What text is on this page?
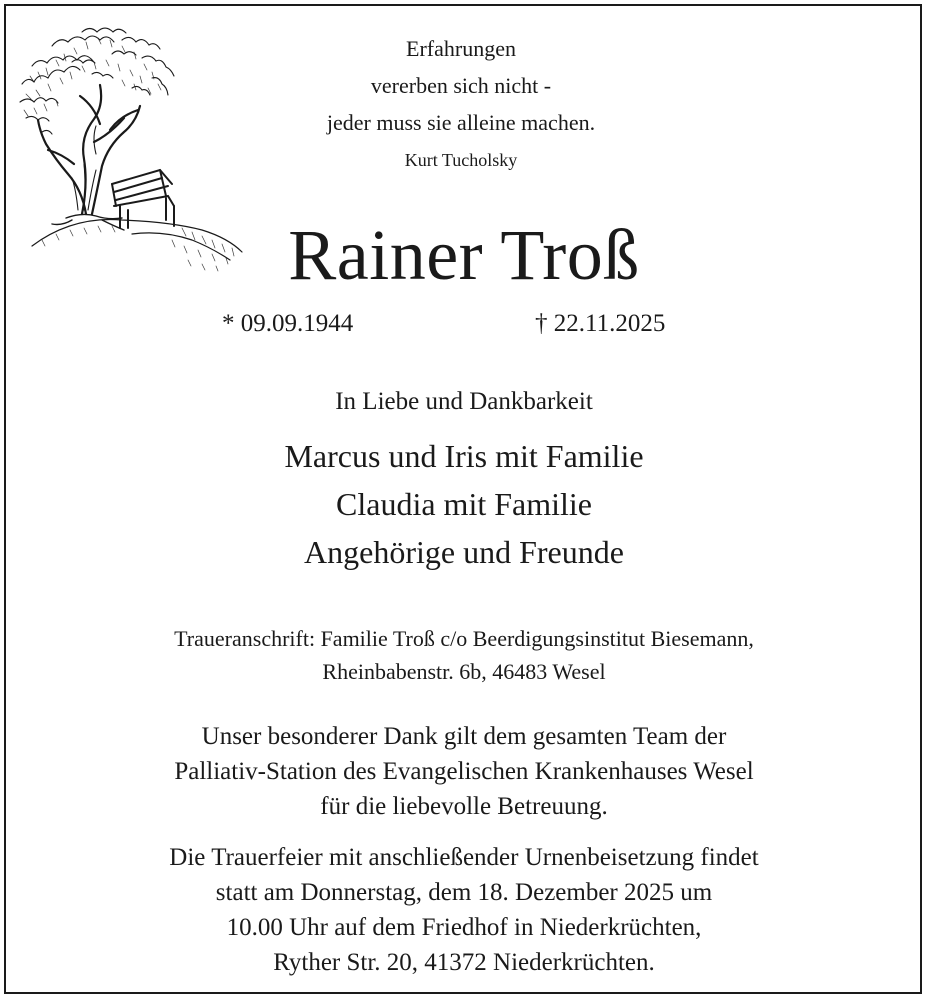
Erfahrungen
vererben sich nicht -
jeder muss sie alleine machen.
Kurt Tucholsky
Rainer Troß
* 09.09.1944	† 22.11.2025
In Liebe und Dankbarkeit
Marcus und Iris mit Familie
Claudia mit Familie
Angehörige und Freunde
Traueranschrift: Familie Troß c/o Beerdigungsinstitut Biesemann,
Rheinbabenstr. 6b, 46483 Wesel
Unser besonderer Dank gilt dem gesamten Team der
Palliativ-Station des Evangelischen Krankenhauses Wesel
für die liebevolle Betreuung.
Die Trauerfeier mit anschließender Urnenbeisetzung findet
statt am Donnerstag, dem 18. Dezember 2025 um
10.00 Uhr auf dem Friedhof in Niederkrüchten,
Ryther Str. 20, 41372 Niederkrüchten.
